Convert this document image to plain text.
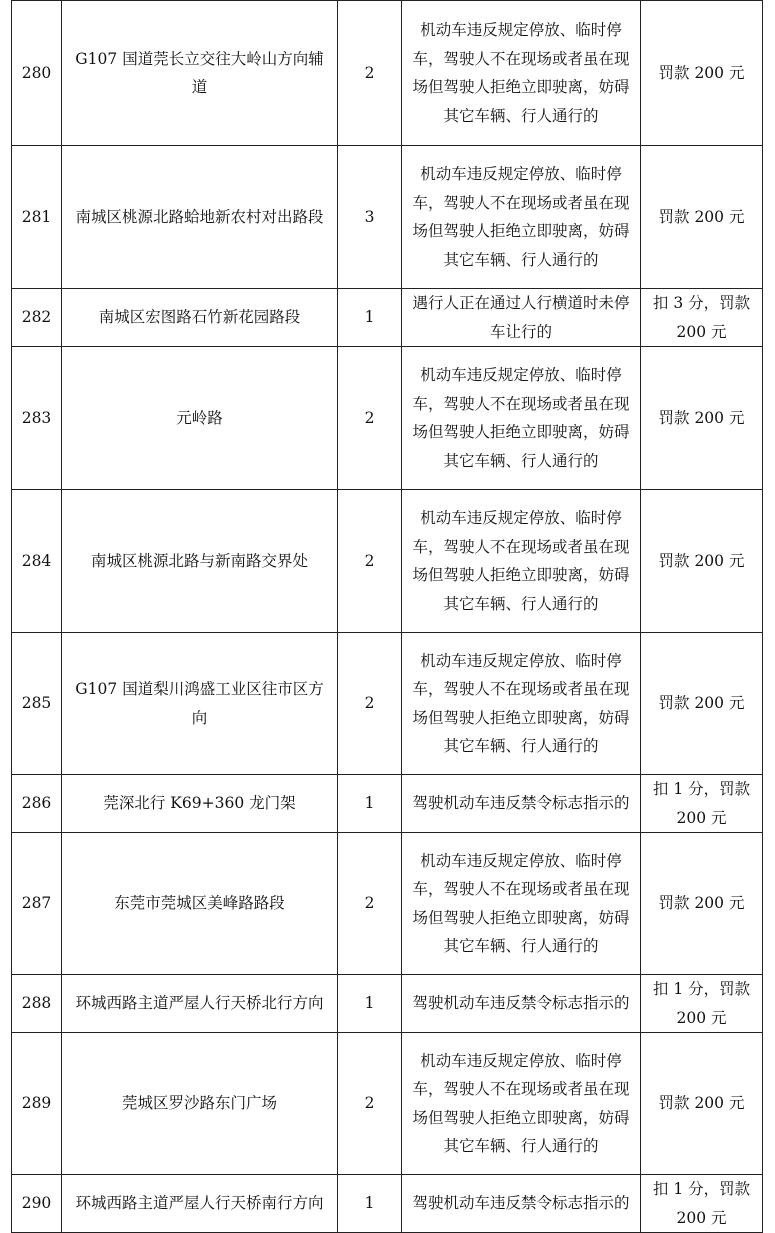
280	G107 国道莞长立交往大岭山方向辅道	2	机动车违反规定停放、临时停车，驾驶人不在现场或者虽在现场但驾驶人拒绝立即驶离，妨碍其它车辆、行人通行的	罚款 200 元
281	南城区桃源北路蛤地新农村对出路段	3	机动车违反规定停放、临时停车，驾驶人不在现场或者虽在现场但驾驶人拒绝立即驶离，妨碍其它车辆、行人通行的	罚款 200 元
282	南城区宏图路石竹新花园路段	1	遇行人正在通过人行横道时未停车让行的	扣 3 分，罚款 200 元
283	元岭路	2	机动车违反规定停放、临时停车，驾驶人不在现场或者虽在现场但驾驶人拒绝立即驶离，妨碍其它车辆、行人通行的	罚款 200 元
284	南城区桃源北路与新南路交界处	2	机动车违反规定停放、临时停车，驾驶人不在现场或者虽在现场但驾驶人拒绝立即驶离，妨碍其它车辆、行人通行的	罚款 200 元
285	G107 国道梨川鸿盛工业区往市区方向	2	机动车违反规定停放、临时停车，驾驶人不在现场或者虽在现场但驾驶人拒绝立即驶离，妨碍其它车辆、行人通行的	罚款 200 元
286	莞深北行 K69+360 龙门架	1	驾驶机动车违反禁令标志指示的	扣 1 分，罚款 200 元
287	东莞市莞城区美峰路路段	2	机动车违反规定停放、临时停车，驾驶人不在现场或者虽在现场但驾驶人拒绝立即驶离，妨碍其它车辆、行人通行的	罚款 200 元
288	环城西路主道严屋人行天桥北行方向	1	驾驶机动车违反禁令标志指示的	扣 1 分，罚款 200 元
289	莞城区罗沙路东门广场	2	机动车违反规定停放、临时停车，驾驶人不在现场或者虽在现场但驾驶人拒绝立即驶离，妨碍其它车辆、行人通行的	罚款 200 元
290	环城西路主道严屋人行天桥南行方向	1	驾驶机动车违反禁令标志指示的	扣 1 分，罚款 200 元
